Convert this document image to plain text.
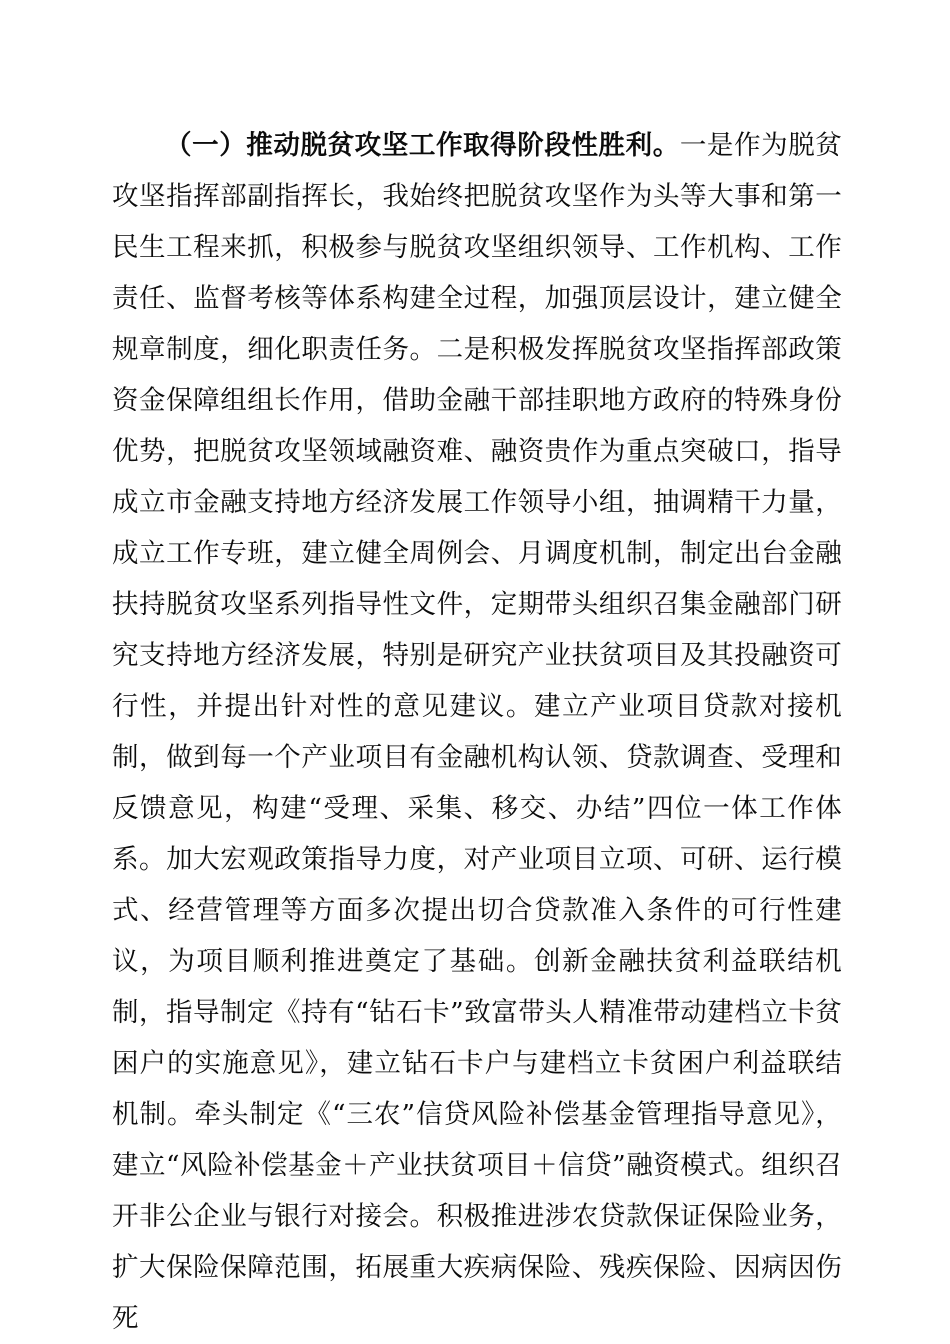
（一）推动脱贫攻坚工作取得阶段性胜利。一是作为脱贫攻坚指挥部副指挥长，我始终把脱贫攻坚作为头等大事和第一民生工程来抓，积极参与脱贫攻坚组织领导、工作机构、工作责任、监督考核等体系构建全过程，加强顶层设计，建立健全规章制度，细化职责任务。二是积极发挥脱贫攻坚指挥部政策资金保障组组长作用，借助金融干部挂职地方政府的特殊身份优势，把脱贫攻坚领域融资难、融资贵作为重点突破口，指导成立市金融支持地方经济发展工作领导小组，抽调精干力量，成立工作专班，建立健全周例会、月调度机制，制定出台金融扶持脱贫攻坚系列指导性文件，定期带头组织召集金融部门研究支持地方经济发展，特别是研究产业扶贫项目及其投融资可行性，并提出针对性的意见建议。建立产业项目贷款对接机制，做到每一个产业项目有金融机构认领、贷款调查、受理和反馈意见，构建“受理、采集、移交、办结”四位一体工作体系。加大宏观政策指导力度，对产业项目立项、可研、运行模式、经营管理等方面多次提出切合贷款准入条件的可行性建议，为项目顺利推进奠定了基础。创新金融扶贫利益联结机制，指导制定《持有“钻石卡”致富带头人精准带动建档立卡贫困户的实施意见》，建立钻石卡户与建档立卡贫困户利益联结机制。牵头制定《“三农”信贷风险补偿基金管理指导意见》，建立“风险补偿基金＋产业扶贫项目＋信贷”融资模式。组织召开非公企业与银行对接会。积极推进涉农贷款保证保险业务，扩大保险保障范围，拓展重大疾病保险、残疾保险、因病因伤死
